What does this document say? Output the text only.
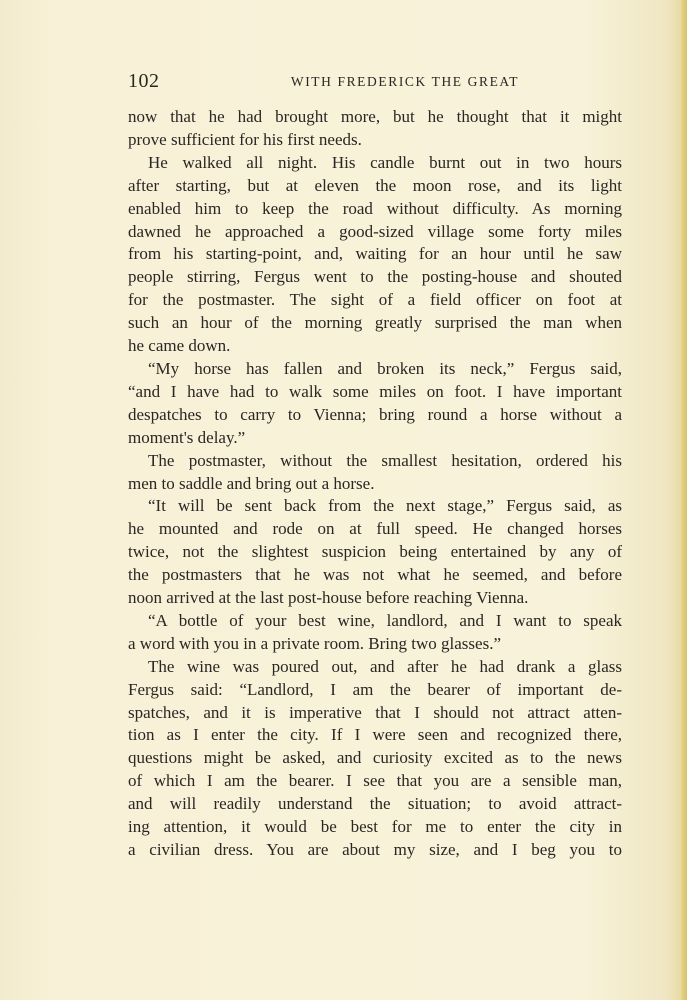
102	WITH FREDERICK THE GREAT

now that he had brought more, but he thought that it might
prove sufficient for his first needs.

He walked all night. His candle burnt out in two hours
after starting, but at eleven the moon rose, and its light
enabled him to keep the road without difficulty. As morning
dawned he approached a good-sized village some forty miles
from his starting-point, and, waiting for an hour until he saw
people stirring, Fergus went to the posting-house and shouted
for the postmaster. The sight of a field officer on foot at
such an hour of the morning greatly surprised the man when
he came down.

“My horse has fallen and broken its neck,” Fergus said,
“and I have had to walk some miles on foot. I have important
despatches to carry to Vienna; bring round a horse without a
moment's delay.”

The postmaster, without the smallest hesitation, ordered his
men to saddle and bring out a horse.

“It will be sent back from the next stage,” Fergus said, as
he mounted and rode on at full speed. He changed horses
twice, not the slightest suspicion being entertained by any of
the postmasters that he was not what he seemed, and before
noon arrived at the last post-house before reaching Vienna.

“A bottle of your best wine, landlord, and I want to speak
a word with you in a private room. Bring two glasses.”

The wine was poured out, and after he had drank a glass
Fergus said: “Landlord, I am the bearer of important de-
spatches, and it is imperative that I should not attract atten-
tion as I enter the city. If I were seen and recognized there,
questions might be asked, and curiosity excited as to the news
of which I am the bearer. I see that you are a sensible man,
and will readily understand the situation; to avoid attract-
ing attention, it would be best for me to enter the city in
a civilian dress. You are about my size, and I beg you to
